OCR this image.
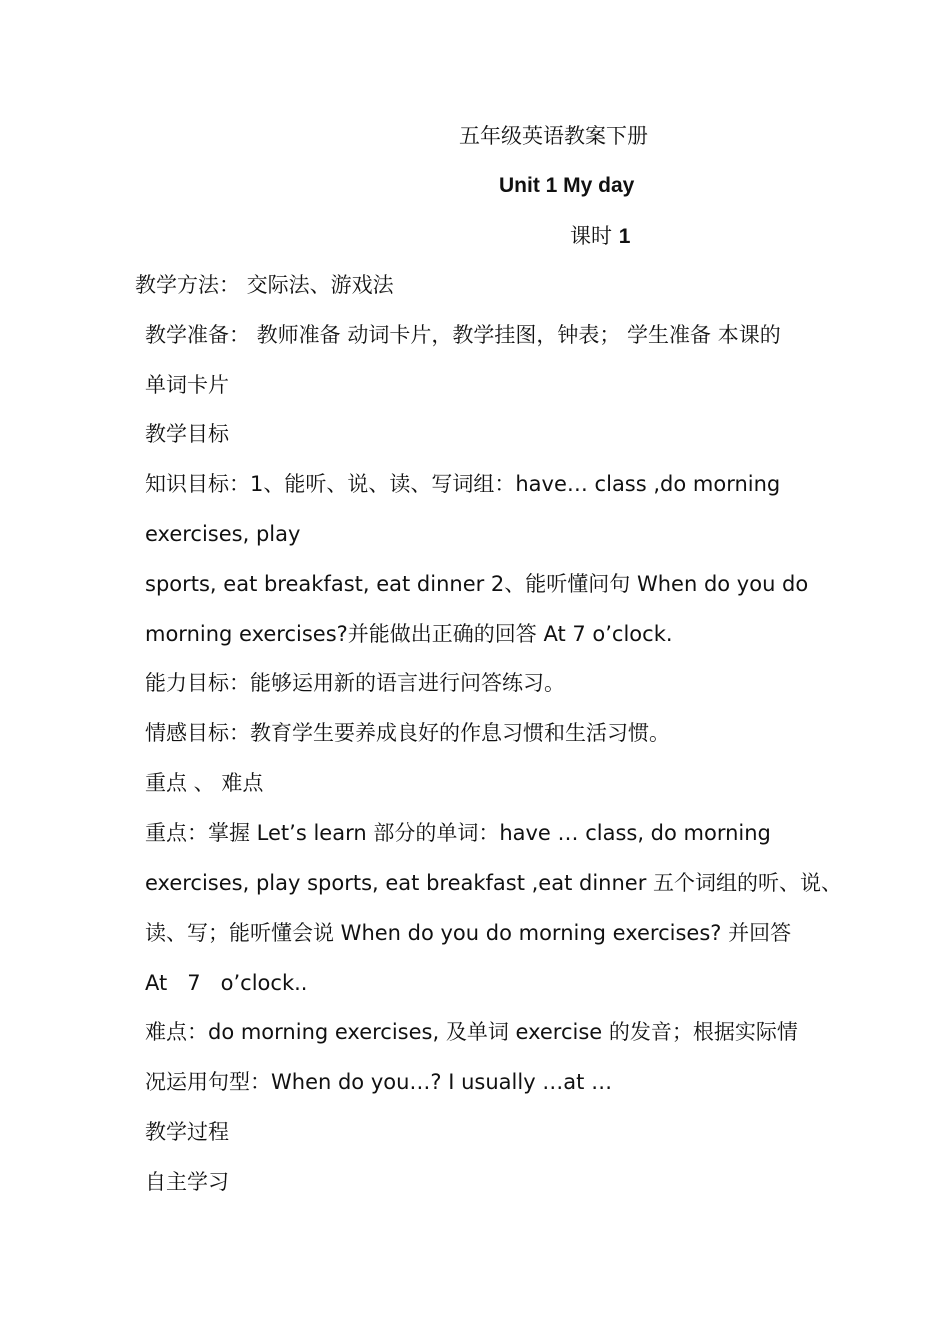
五年级英语教案下册
Unit 1 My day
课时 1
教学方法： 交际法、游戏法
教学准备： 教师准备 动词卡片，教学挂图，钟表； 学生准备 本课的
单词卡片
教学目标
知识目标：1、能听、说、读、写词组：have… class ,do morning
exercises, play
sports, eat breakfast, eat dinner 2、能听懂问句 When do you do
morning exercises?并能做出正确的回答 At 7 o’clock.
能力目标：能够运用新的语言进行问答练习。
情感目标：教育学生要养成良好的作息习惯和生活习惯。
重点 、 难点
重点：掌握 Let’s learn 部分的单词：have … class, do morning
exercises, play sports, eat breakfast ,eat dinner 五个词组的听、说、
读、写；能听懂会说 When do you do morning exercises? 并回答
At   7   o’clock..
难点：do morning exercises, 及单词 exercise 的发音；根据实际情
况运用句型：When do you…? I usually …at …
教学过程
自主学习
